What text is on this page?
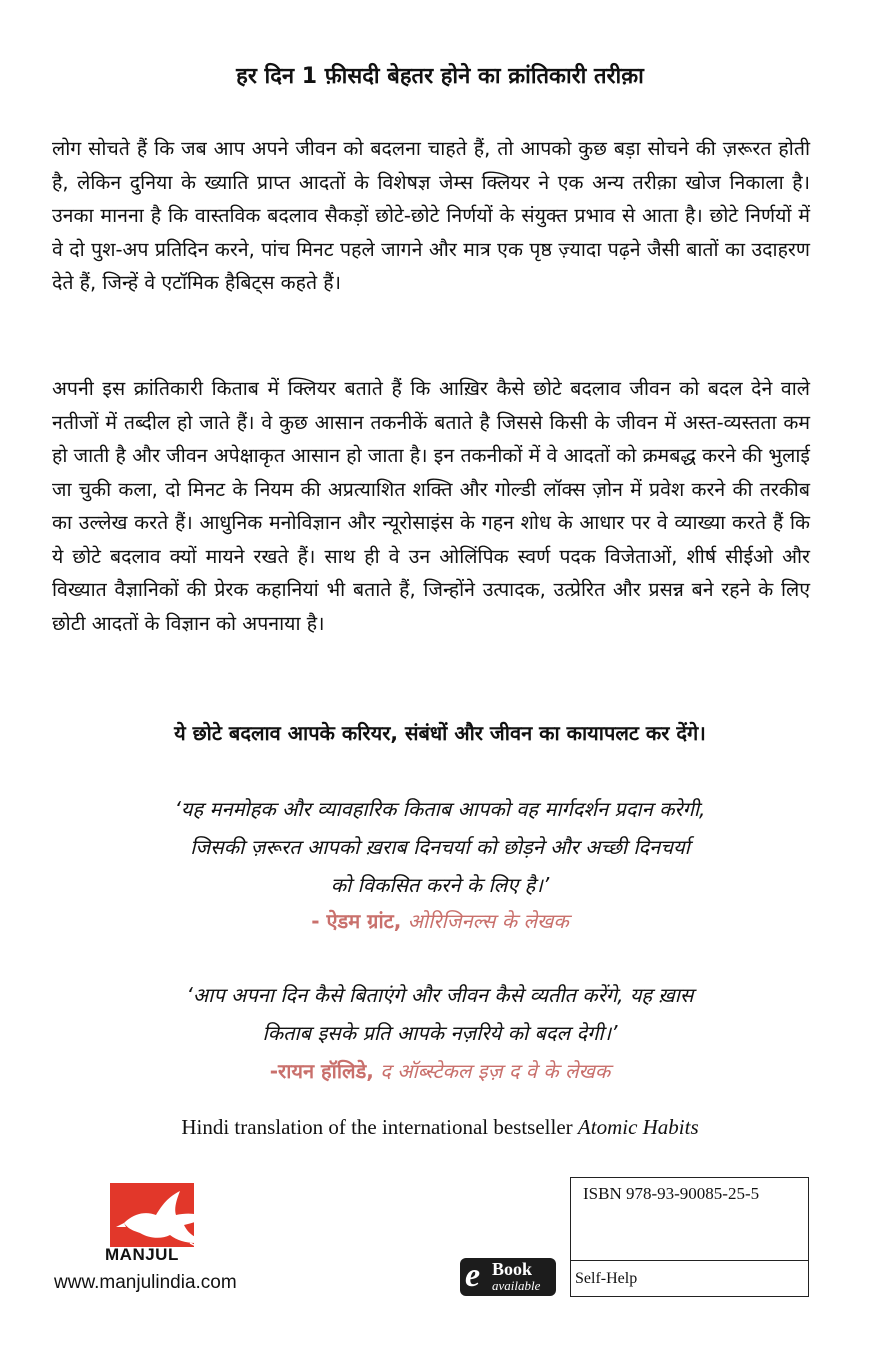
हर दिन 1 फ़ीसदी बेहतर होने का क्रांतिकारी तरीक़ा

लोग सोचते हैं कि जब आप अपने जीवन को बदलना चाहते हैं, तो आपको कुछ बड़ा सोचने की ज़रूरत होती है, लेकिन दुनिया के ख्याति प्राप्त आदतों के विशेषज्ञ जेम्स क्लियर ने एक अन्य तरीक़ा खोज निकाला है। उनका मानना है कि वास्तविक बदलाव सैकड़ों छोटे-छोटे निर्णयों के संयुक्त प्रभाव से आता है। छोटे निर्णयों में वे दो पुश-अप प्रतिदिन करने, पांच मिनट पहले जागने और मात्र एक पृष्ठ ज़्यादा पढ़ने जैसी बातों का उदाहरण देते हैं, जिन्हें वे एटॉमिक हैबिट्स कहते हैं।

अपनी इस क्रांतिकारी किताब में क्लियर बताते हैं कि आख़िर कैसे छोटे बदलाव जीवन को बदल देने वाले नतीजों में तब्दील हो जाते हैं। वे कुछ आसान तकनीकें बताते है जिससे किसी के जीवन में अस्त-व्यस्तता कम हो जाती है और जीवन अपेक्षाकृत आसान हो जाता है। इन तकनीकों में वे आदतों को क्रमबद्ध करने की भुलाई जा चुकी कला, दो मिनट के नियम की अप्रत्याशित शक्ति और गोल्डी लॉक्स ज़ोन में प्रवेश करने की तरकीब का उल्लेख करते हैं। आधुनिक मनोविज्ञान और न्यूरोसाइंस के गहन शोध के आधार पर वे व्याख्या करते हैं कि ये छोटे बदलाव क्यों मायने रखते हैं। साथ ही वे उन ओलिंपिक स्वर्ण पदक विजेताओं, शीर्ष सीईओ और विख्यात वैज्ञानिकों की प्रेरक कहानियां भी बताते हैं, जिन्होंने उत्पादक, उत्प्रेरित और प्रसन्न बने रहने के लिए छोटी आदतों के विज्ञान को अपनाया है।

ये छोटे बदलाव आपके करियर, संबंधों और जीवन का कायापलट कर देंगे।
‘यह मनमोहक और व्यावहारिक किताब आपको वह मार्गदर्शन प्रदान करेगी,
जिसकी ज़रूरत आपको ख़राब दिनचर्या को छोड़ने और अच्छी दिनचर्या
को विकसित करने के लिए है।’
- ऐडम ग्रांट, ओरिजिनल्स के लेखक
‘आप अपना दिन कैसे बिताएंगे और जीवन कैसे व्यतीत करेंगे, यह ख़ास
किताब इसके प्रति आपके नज़रिये को बदल देगी।’
-रायन हॉलिडे, द ऑब्स्टेकल इज़ द वे के लेखक
Hindi translation of the international bestseller Atomic Habits
MANJUL
www.manjulindia.com	e Book
available
ISBN 978-93-90085-25-5
Self-Help
